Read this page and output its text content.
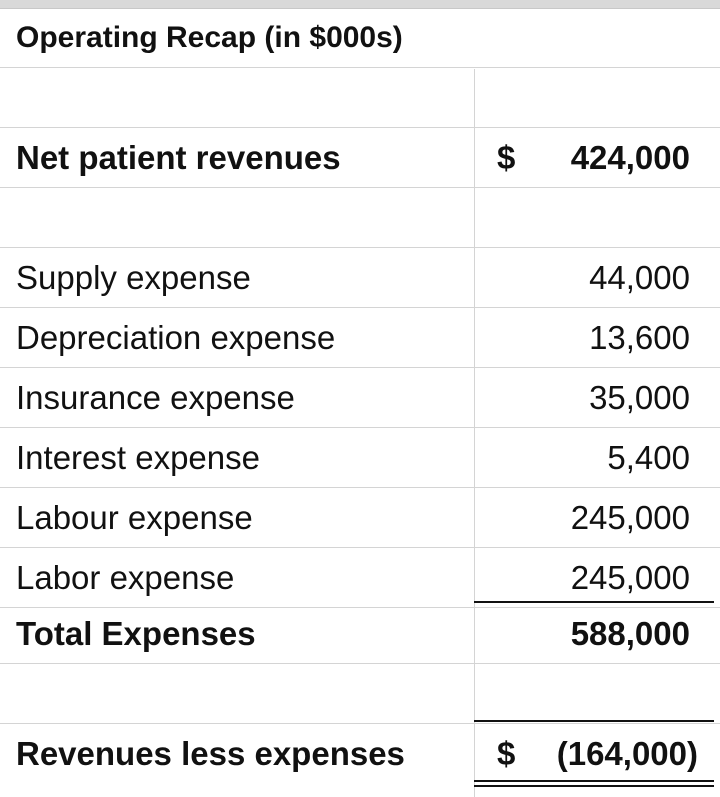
Operating Recap (in $000s)
Net patient revenues	$ 424,000
Supply expense	44,000
Depreciation expense	13,600
Insurance expense	35,000
Interest expense	5,400
Labour expense	245,000
Labor expense	245,000
Total Expenses	588,000
Revenues less expenses	$ (164,000)
